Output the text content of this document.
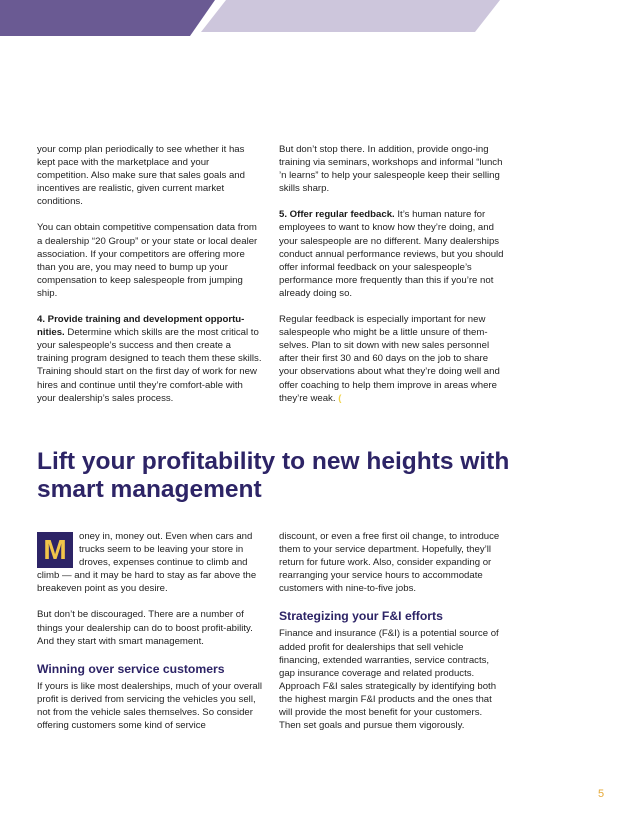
your comp plan periodically to see whether it has kept pace with the marketplace and your competition. Also make sure that sales goals and incentives are realistic, given current market conditions.

You can obtain competitive compensation data from a dealership “20 Group” or your state or local dealer association. If your competitors are offering more than you are, you may need to bump up your compensation to keep salespeople from jumping ship.

4. Provide training and development opportu-nities. Determine which skills are the most critical to your salespeople’s success and then create a training program designed to teach them these skills. Training should start on the first day of work for new hires and continue until they’re comfort-able with your dealership’s sales process.

But don’t stop there. In addition, provide ongo-ing training via seminars, workshops and informal “lunch ’n learns” to help your salespeople keep their selling skills sharp.

5. Offer regular feedback. It’s human nature for employees to want to know how they’re doing, and your salespeople are no different. Many dealerships conduct annual performance reviews, but you should offer informal feedback on your salespeople’s performance more frequently than this if you’re not already doing so.

Regular feedback is especially important for new salespeople who might be a little unsure of them-selves. Plan to sit down with new sales personnel after their first 30 and 60 days on the job to share your observations about what they’re doing well and offer coaching to help them improve in areas where they’re weak. (

Lift your profitability to new heights with smart management

M	oney in, money out. Even when cars and trucks seem to be leaving your store in droves, expenses continue to climb and climb — and it may be hard to stay as far above the breakeven point as you desire.

But don’t be discouraged. There are a number of things your dealership can do to boost profit-ability. And they start with smart management.

Winning over service customers

If yours is like most dealerships, much of your overall profit is derived from servicing the vehicles you sell, not from the vehicle sales themselves. So consider offering customers some kind of service

discount, or even a free first oil change, to introduce them to your service department. Hopefully, they’ll return for future work. Also, consider expanding or rearranging your service hours to accommodate customers with nine-to-five jobs.

Strategizing your F&I efforts

Finance and insurance (F&I) is a potential source of added profit for dealerships that sell vehicle financing, extended warranties, service contracts, gap insurance coverage and related products. Approach F&I sales strategically by identifying both the highest margin F&I products and the ones that will provide the most benefit for your customers. Then set goals and pursue them vigorously.

5
